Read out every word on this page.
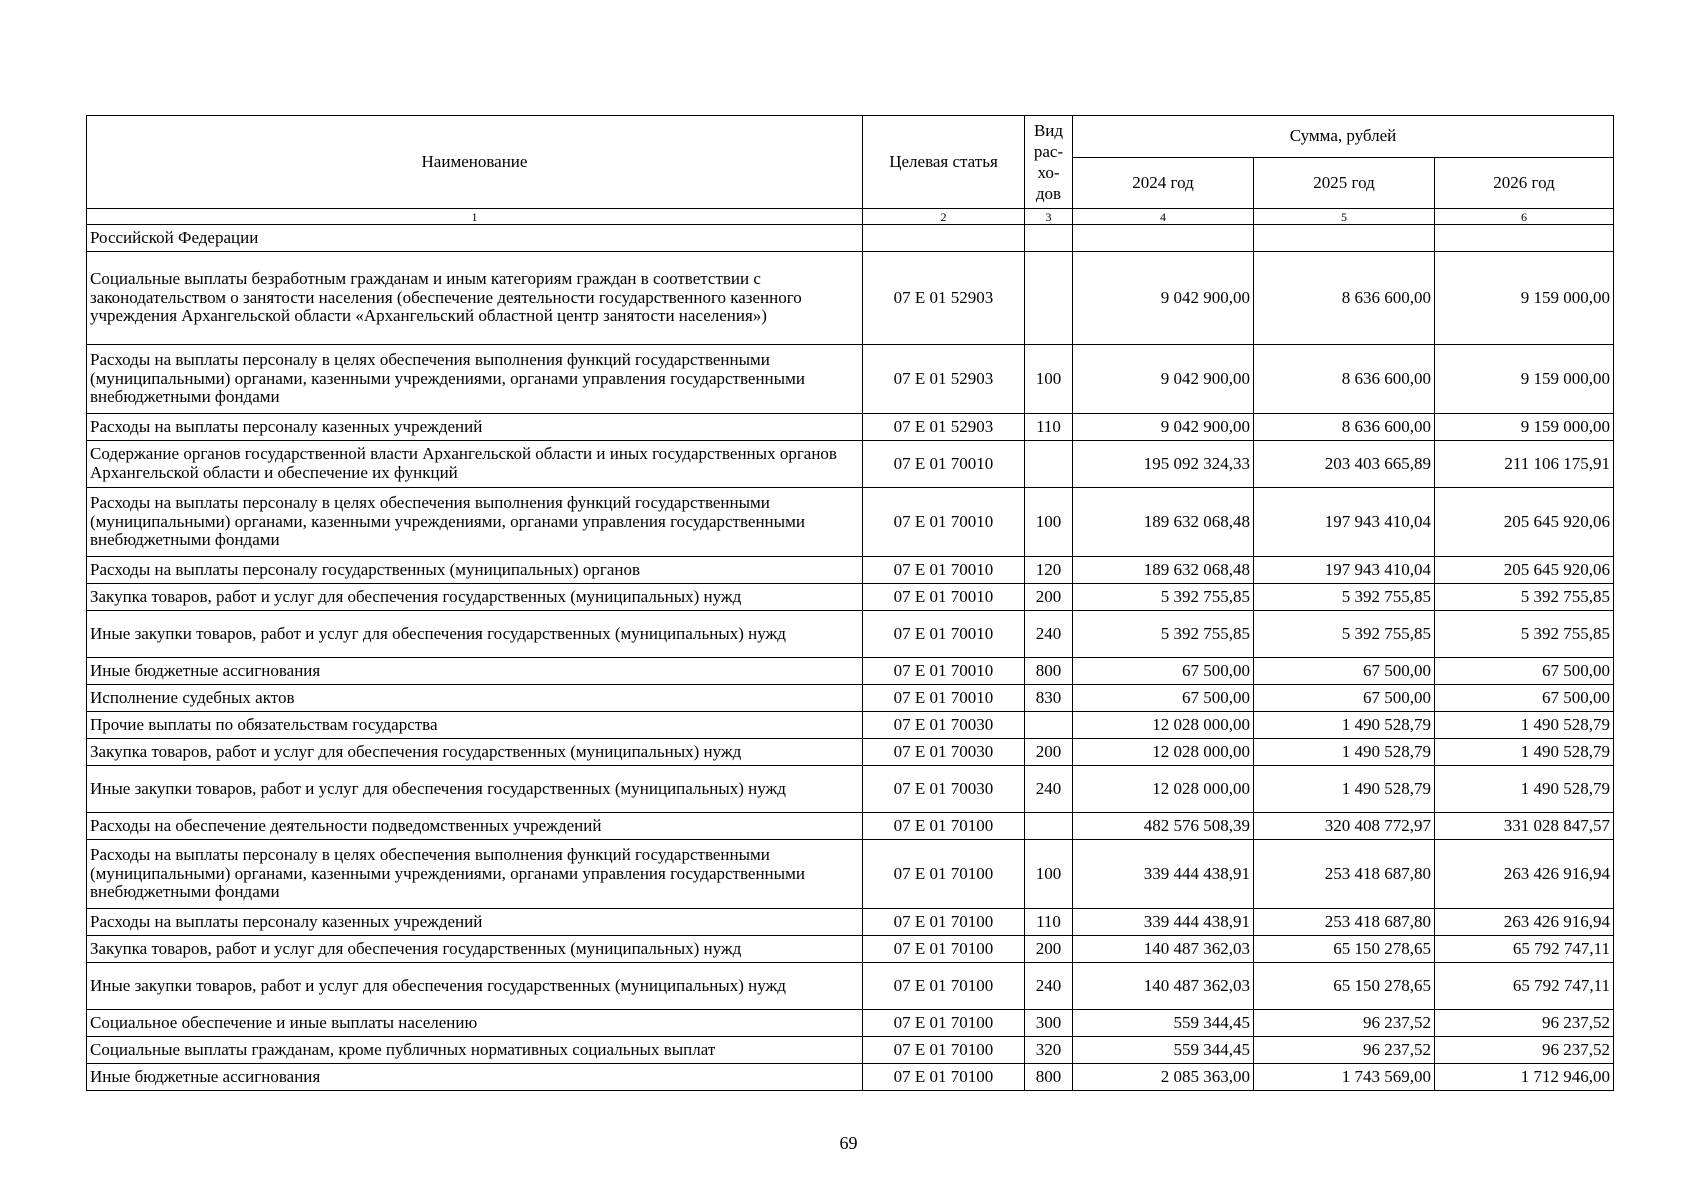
Наименование	Целевая статья	Вид рас-хо-дов	Сумма, рублей		
			2024 год	2025 год	2026 год
1	2	3	4	5	6
Российской Федерации					
Социальные выплаты безработным гражданам и иным категориям граждан в соответствии с законодательством о занятости населения (обеспечение деятельности государственного казенного учреждения Архангельской области «Архангельский областной центр занятости населения»)	07 Е 01 52903		9 042 900,00	8 636 600,00	9 159 000,00
Расходы на выплаты персоналу в целях обеспечения выполнения функций государственными (муниципальными) органами, казенными учреждениями, органами управления государственными внебюджетными фондами	07 Е 01 52903	100	9 042 900,00	8 636 600,00	9 159 000,00
Расходы на выплаты персоналу казенных учреждений	07 Е 01 52903	110	9 042 900,00	8 636 600,00	9 159 000,00
Содержание органов государственной власти Архангельской области и иных государственных органов Архангельской области и обеспечение их функций	07 Е 01 70010		195 092 324,33	203 403 665,89	211 106 175,91
Расходы на выплаты персоналу в целях обеспечения выполнения функций государственными (муниципальными) органами, казенными учреждениями, органами управления государственными внебюджетными фондами	07 Е 01 70010	100	189 632 068,48	197 943 410,04	205 645 920,06
Расходы на выплаты персоналу государственных (муниципальных) органов	07 Е 01 70010	120	189 632 068,48	197 943 410,04	205 645 920,06
Закупка товаров, работ и услуг для обеспечения государственных (муниципальных) нужд	07 Е 01 70010	200	5 392 755,85	5 392 755,85	5 392 755,85
Иные закупки товаров, работ и услуг для обеспечения государственных (муниципальных) нужд	07 Е 01 70010	240	5 392 755,85	5 392 755,85	5 392 755,85
Иные бюджетные ассигнования	07 Е 01 70010	800	67 500,00	67 500,00	67 500,00
Исполнение судебных актов	07 Е 01 70010	830	67 500,00	67 500,00	67 500,00
Прочие выплаты по обязательствам государства	07 Е 01 70030		12 028 000,00	1 490 528,79	1 490 528,79
Закупка товаров, работ и услуг для обеспечения государственных (муниципальных) нужд	07 Е 01 70030	200	12 028 000,00	1 490 528,79	1 490 528,79
Иные закупки товаров, работ и услуг для обеспечения государственных (муниципальных) нужд	07 Е 01 70030	240	12 028 000,00	1 490 528,79	1 490 528,79
Расходы на обеспечение деятельности подведомственных учреждений	07 Е 01 70100		482 576 508,39	320 408 772,97	331 028 847,57
Расходы на выплаты персоналу в целях обеспечения выполнения функций государственными (муниципальными) органами, казенными учреждениями, органами управления государственными внебюджетными фондами	07 Е 01 70100	100	339 444 438,91	253 418 687,80	263 426 916,94
Расходы на выплаты персоналу казенных учреждений	07 Е 01 70100	110	339 444 438,91	253 418 687,80	263 426 916,94
Закупка товаров, работ и услуг для обеспечения государственных (муниципальных) нужд	07 Е 01 70100	200	140 487 362,03	65 150 278,65	65 792 747,11
Иные закупки товаров, работ и услуг для обеспечения государственных (муниципальных) нужд	07 Е 01 70100	240	140 487 362,03	65 150 278,65	65 792 747,11
Социальное обеспечение и иные выплаты населению	07 Е 01 70100	300	559 344,45	96 237,52	96 237,52
Социальные выплаты гражданам, кроме публичных нормативных социальных выплат	07 Е 01 70100	320	559 344,45	96 237,52	96 237,52
Иные бюджетные ассигнования	07 Е 01 70100	800	2 085 363,00	1 743 569,00	1 712 946,00
69
